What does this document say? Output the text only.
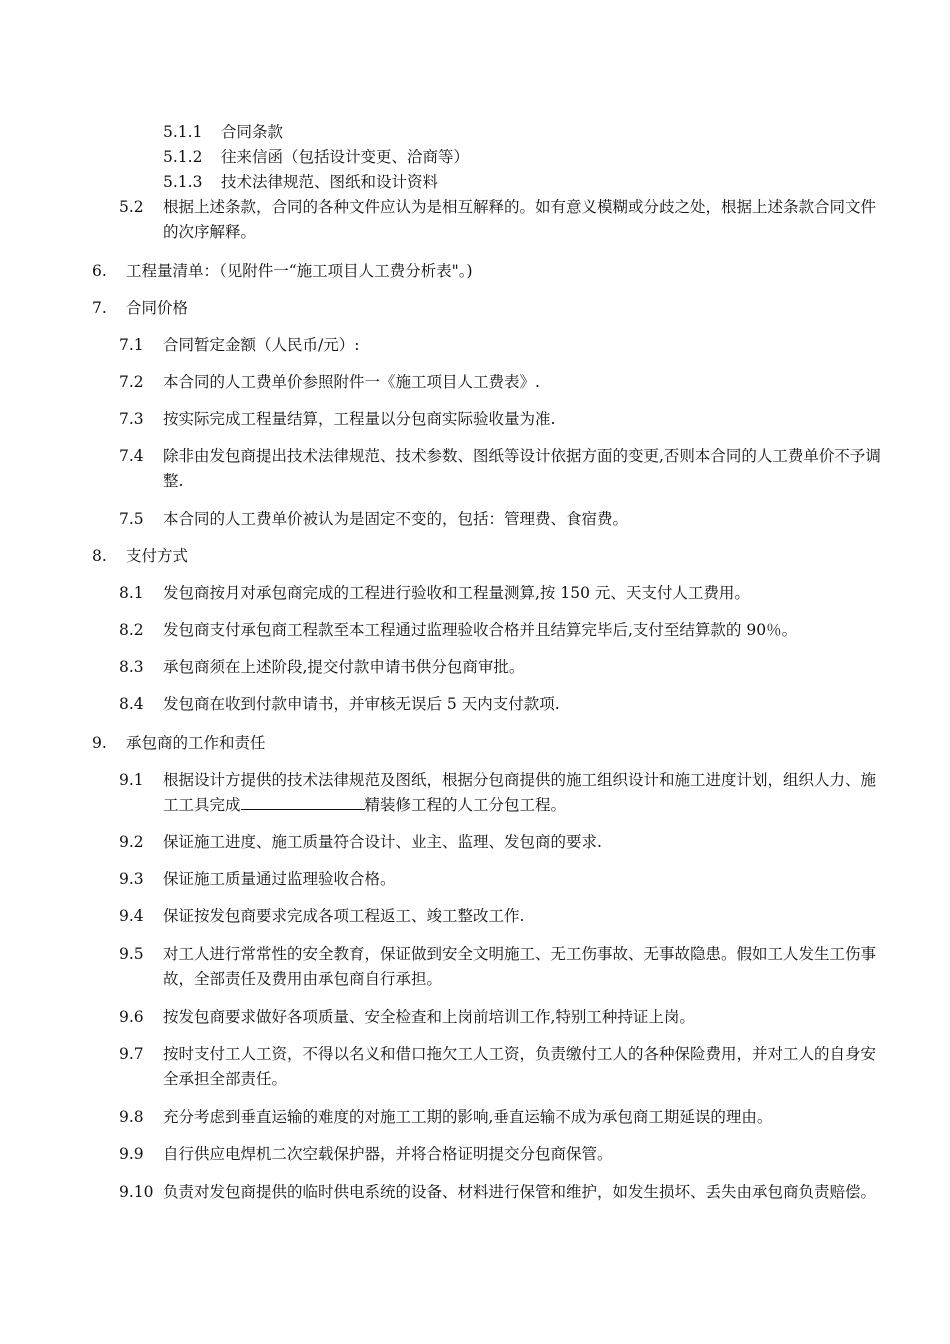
5.1.1 合同条款
5.1.2 往来信函（包括设计变更、洽商等）
5.1.3 技术法律规范、图纸和设计资料
5.2 根据上述条款，合同的各种文件应认为是相互解释的。如有意义模糊或分歧之处，根据上述条款合同文件的次序解释。
6. 工程量清单：（见附件一“施工项目人工费分析表"。)
7. 合同价格
7.1 合同暂定金额（人民币/元）:
7.2 本合同的人工费单价参照附件一《施工项目人工费表》.
7.3 按实际完成工程量结算，工程量以分包商实际验收量为准.
7.4 除非由发包商提出技术法律规范、技术参数、图纸等设计依据方面的变更,否则本合同的人工费单价不予调整.
7.5 本合同的人工费单价被认为是固定不变的，包括：管理费、食宿费。
8. 支付方式
8.1 发包商按月对承包商完成的工程进行验收和工程量测算,按 150 元、天支付人工费用。
8.2 发包商支付承包商工程款至本工程通过监理验收合格并且结算完毕后,支付至结算款的 90％。
8.3 承包商须在上述阶段,提交付款申请书供分包商审批。
8.4 发包商在收到付款申请书，并审核无误后 5 天内支付款项.
9. 承包商的工作和责任
9.1 根据设计方提供的技术法律规范及图纸，根据分包商提供的施工组织设计和施工进度计划，组织人力、施工工具完成	精装修工程的人工分包工程。
9.2 保证施工进度、施工质量符合设计、业主、监理、发包商的要求.
9.3 保证施工质量通过监理验收合格。
9.4 保证按发包商要求完成各项工程返工、竣工整改工作.
9.5 对工人进行常常性的安全教育，保证做到安全文明施工、无工伤事故、无事故隐患。假如工人发生工伤事故，全部责任及费用由承包商自行承担。
9.6 按发包商要求做好各项质量、安全检查和上岗前培训工作,特别工种持证上岗。
9.7 按时支付工人工资，不得以名义和借口拖欠工人工资，负责缴付工人的各种保险费用，并对工人的自身安全承担全部责任。
9.8 充分考虑到垂直运输的难度的对施工工期的影响,垂直运输不成为承包商工期延误的理由。
9.9 自行供应电焊机二次空载保护器，并将合格证明提交分包商保管。
9.10 负责对发包商提供的临时供电系统的设备、材料进行保管和维护，如发生损坏、丢失由承包商负责赔偿。
